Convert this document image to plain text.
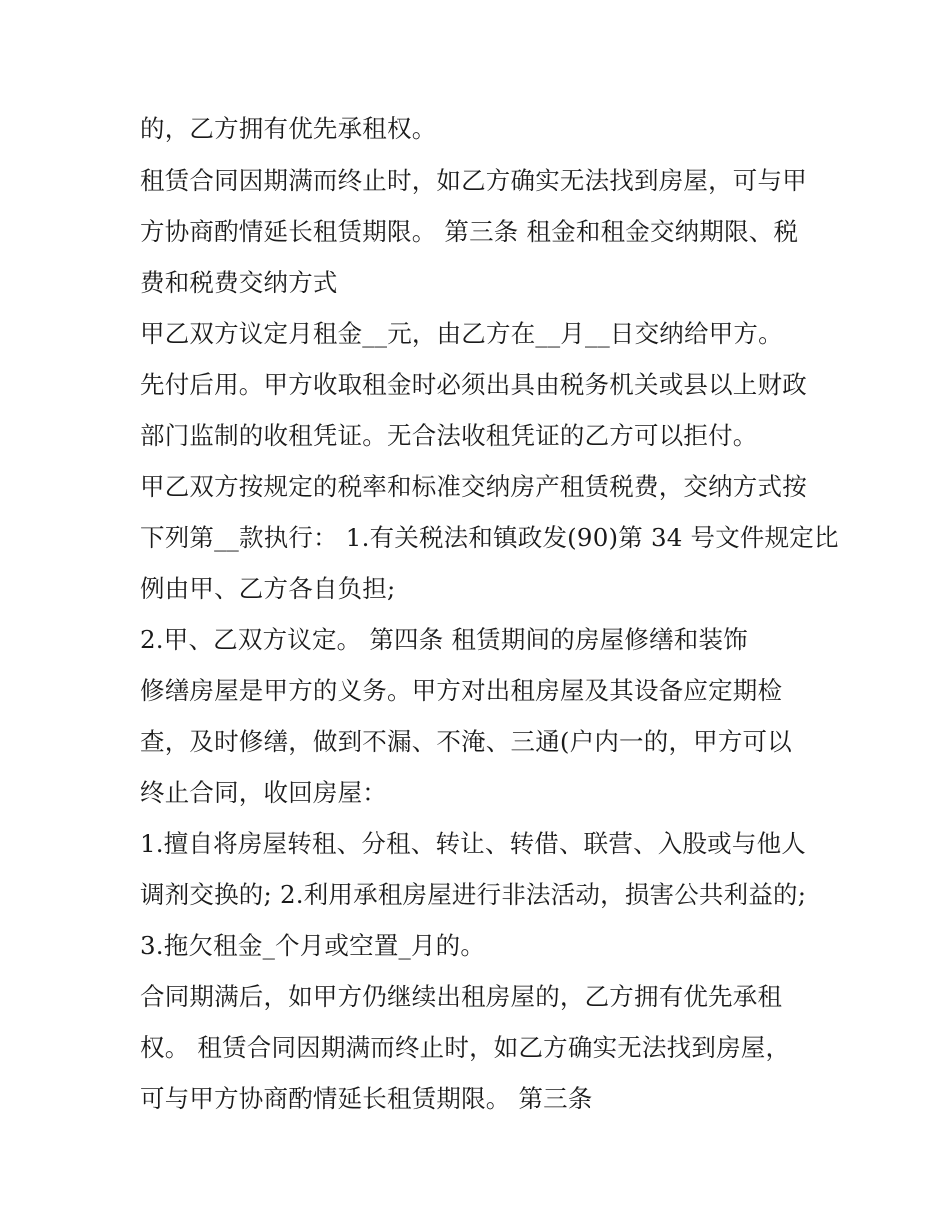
的，乙方拥有优先承租权。
租赁合同因期满而终止时，如乙方确实无法找到房屋，可与甲
方协商酌情延长租赁期限。 第三条 租金和租金交纳期限、税
费和税费交纳方式
甲乙双方议定月租金__元，由乙方在__月__日交纳给甲方。
先付后用。甲方收取租金时必须出具由税务机关或县以上财政
部门监制的收租凭证。无合法收租凭证的乙方可以拒付。
甲乙双方按规定的税率和标准交纳房产租赁税费，交纳方式按
下列第__款执行： 1.有关税法和镇政发(90)第 34 号文件规定比
例由甲、乙方各自负担;
2.甲、乙双方议定。 第四条 租赁期间的房屋修缮和装饰
修缮房屋是甲方的义务。甲方对出租房屋及其设备应定期检
查，及时修缮，做到不漏、不淹、三通(户内一的，甲方可以
终止合同，收回房屋：
1.擅自将房屋转租、分租、转让、转借、联营、入股或与他人
调剂交换的; 2.利用承租房屋进行非法活动，损害公共利益的;
3.拖欠租金_个月或空置_月的。
合同期满后，如甲方仍继续出租房屋的，乙方拥有优先承租
权。 租赁合同因期满而终止时，如乙方确实无法找到房屋，
可与甲方协商酌情延长租赁期限。 第三条
